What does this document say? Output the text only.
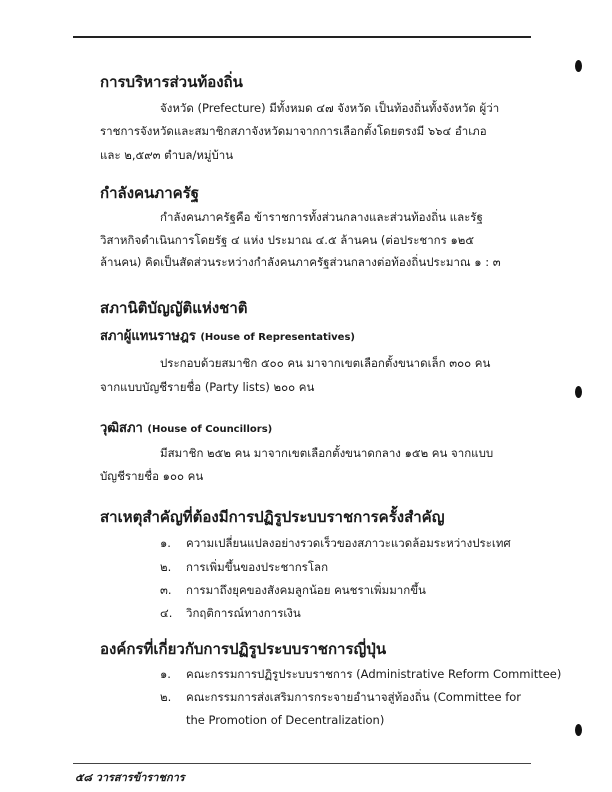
การบริหารส่วนท้องถิ่น

จังหวัด (Prefecture) มีทั้งหมด ๔๗ จังหวัด เป็นท้องถิ่นทั้งจังหวัด ผู้ว่า

ราชการจังหวัดและสมาชิกสภาจังหวัดมาจากการเลือกตั้งโดยตรงมี ๖๖๔ อำเภอ

และ ๒,๕๙๓ ตำบล/หมู่บ้าน

กำลังคนภาครัฐ

กำลังคนภาครัฐคือ ข้าราชการทั้งส่วนกลางและส่วนท้องถิ่น และรัฐ

วิสาหกิจดำเนินการโดยรัฐ ๔ แห่ง ประมาณ ๔.๕ ล้านคน (ต่อประชากร ๑๒๕

ล้านคน) คิดเป็นสัดส่วนระหว่างกำลังคนภาครัฐส่วนกลางต่อท้องถิ่นประมาณ ๑ : ๓

สภานิติบัญญัติแห่งชาติ
สภาผู้แทนราษฎร (House of Representatives)

ประกอบด้วยสมาชิก ๕๐๐ คน มาจากเขตเลือกตั้งขนาดเล็ก ๓๐๐ คน

จากแบบบัญชีรายชื่อ (Party lists) ๒๐๐ คน

วุฒิสภา (House of Councillors)

มีสมาชิก ๒๕๒ คน มาจากเขตเลือกตั้งขนาดกลาง ๑๕๒ คน จากแบบ

บัญชีรายชื่อ ๑๐๐ คน

สาเหตุสำคัญที่ต้องมีการปฏิรูประบบราชการครั้งสำคัญ

๑. ความเปลี่ยนแปลงอย่างรวดเร็วของสภาวะแวดล้อมระหว่างประเทศ

๒. การเพิ่มขึ้นของประชากรโลก

๓. การมาถึงยุคของสังคมลูกน้อย คนชราเพิ่มมากขึ้น

๔. วิกฤติการณ์ทางการเงิน

องค์กรที่เกี่ยวกับการปฏิรูประบบราชการญี่ปุ่น

๑. คณะกรรมการปฏิรูประบบราชการ (Administrative Reform Committee)

๒. คณะกรรมการส่งเสริมการกระจายอำนาจสู่ท้องถิ่น (Committee for

the Promotion of Decentralization)

๕๘ วารสารข้าราชการ
